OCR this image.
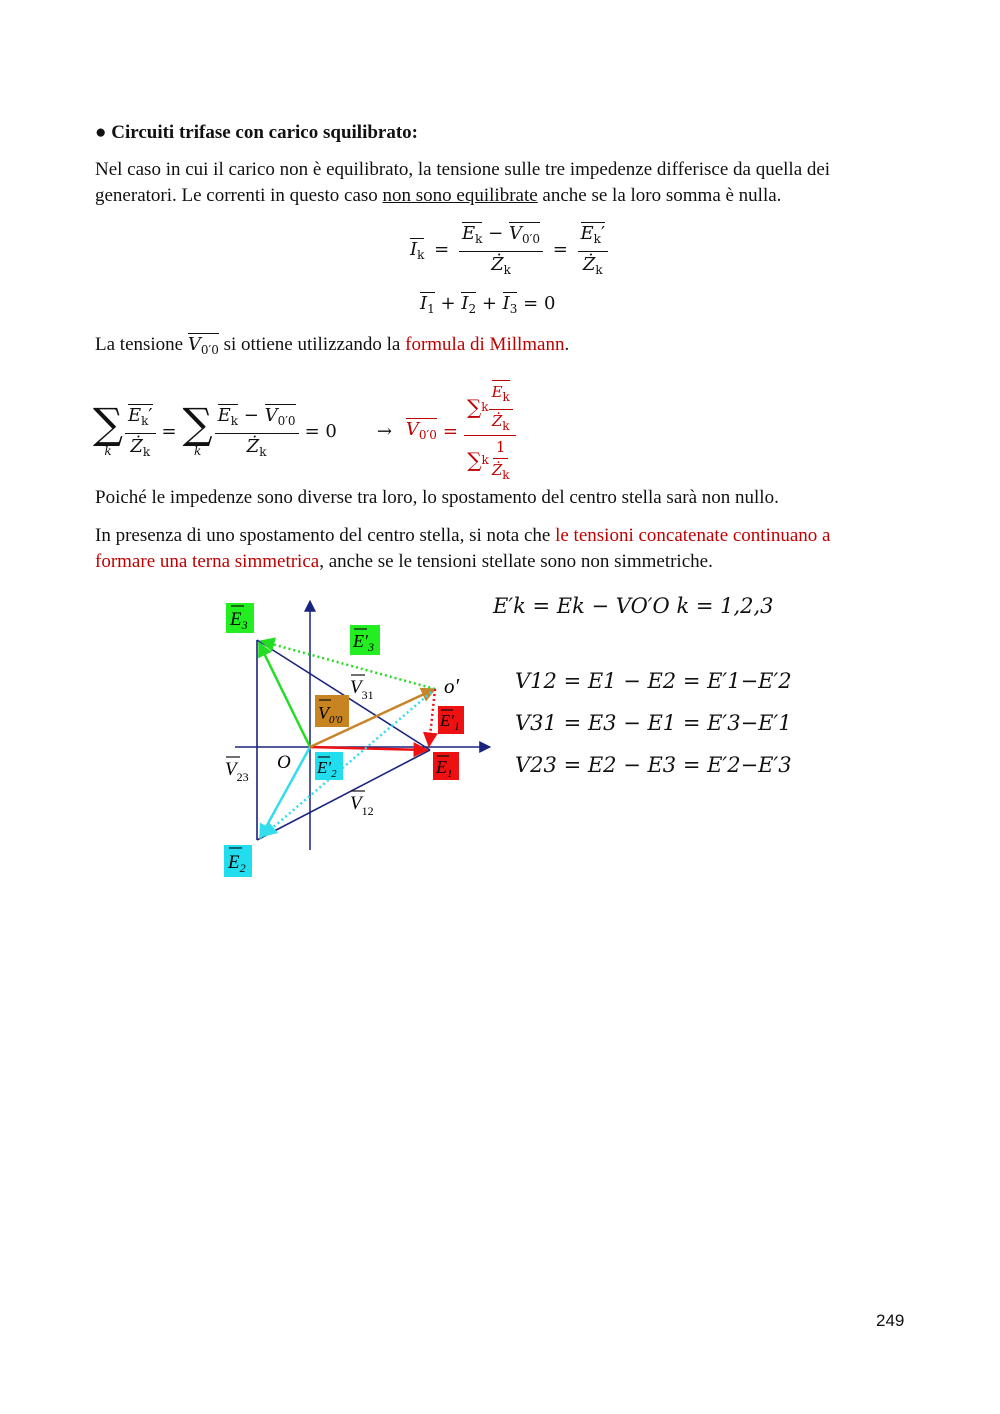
● Circuiti trifase con carico squilibrato:
Nel caso in cui il carico non è equilibrato, la tensione sulle tre impedenze differisce da quella dei
generatori. Le correnti in questo caso non sono equilibrate anche se la loro somma è nulla.
$I_k = \frac{E_k - V_{0'0}}{Ż_k} = \frac{E_k'}{Ż_k}$
$I_1 + I_2 + I_3 = 0$
La tensione $V_{0'0}$ si ottiene utilizzando la formula di Millmann.
∑
k $\frac{E_k'}{Ż_k}$ = ∑
k $\frac{E_k - V_{0'0}}{Ż_k} = 0 \to V_{0'0} = \frac{\sum k \frac{E_k}{Ż_k}}{\sum k \frac{1}{Ż_k}}$
Poiché le impedenze sono diverse tra loro, lo spostamento del centro stella sarà non nullo.
In presenza di uno spostamento del centro stella, si nota che le tensioni concatenate continuano a
formare una terna simmetrica, anche se le tensioni stellate sono non simmetriche.
$E_3$
$E'_3$
$V_{31}$	o′
$V_{0'0}$	$E'_1$
O $E'_2$	$E_1$
$V_{23}$
$V_{12}$
$E_2$
E′k = Ek − VO′O k = 1,2,3
V12 = E1 − E2 = E′1−E′2
V31 = E3 − E1 = E′3−E′1
V23 = E2 − E3 = E′2−E′3
249
